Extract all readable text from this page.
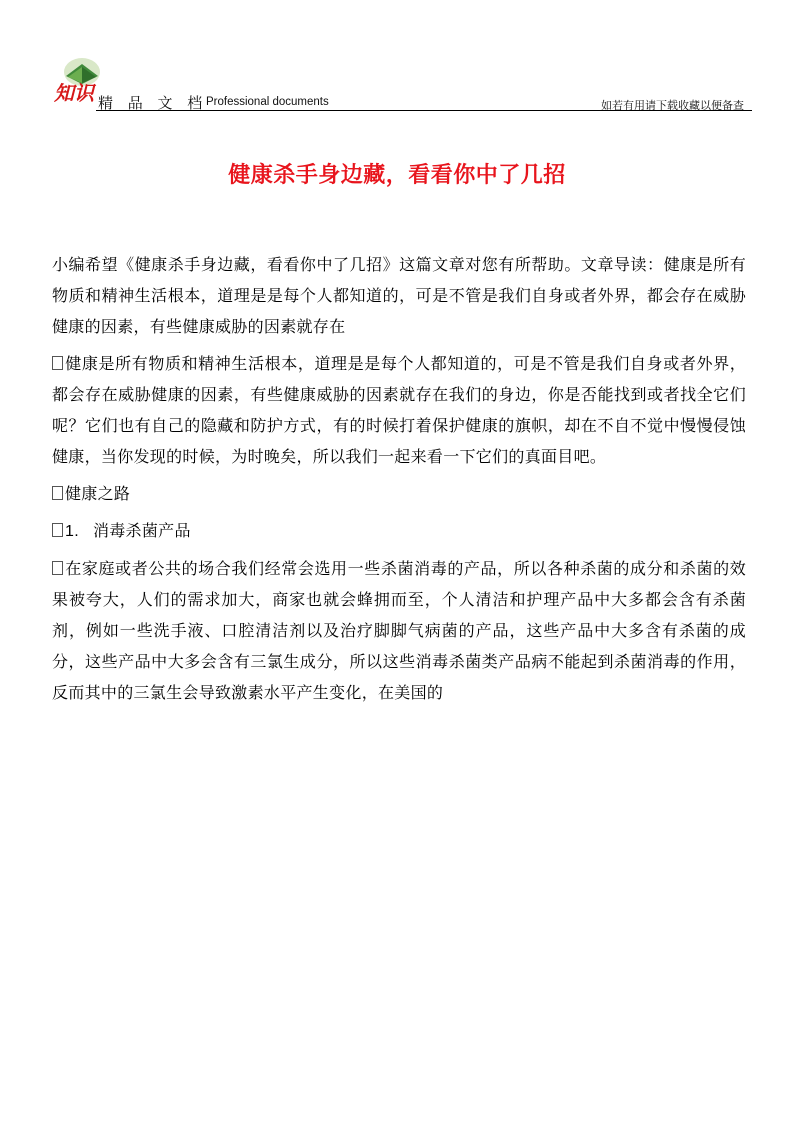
知识 精 品 文 档
Professional documents	如若有用请下载收藏以便备查
健康杀手身边藏，看看你中了几招

小编希望《健康杀手身边藏，看看你中了几招》这篇文章对您有所帮助。文章导读：健康是所有物质和精神生活根本，道理是是每个人都知道的，可是不管是我们自身或者外界，都会存在威胁健康的因素，有些健康威胁的因素就存在

健康是所有物质和精神生活根本，道理是是每个人都知道的，可是不管是我们自身或者外界，都会存在威胁健康的因素，有些健康威胁的因素就存在我们的身边，你是否能找到或者找全它们呢？它们也有自己的隐藏和防护方式，有的时候打着保护健康的旗帜，却在不自不觉中慢慢侵蚀健康，当你发现的时候，为时晚矣，所以我们一起来看一下它们的真面目吧。

健康之路

1. 消毒杀菌产品

在家庭或者公共的场合我们经常会选用一些杀菌消毒的产品，所以各种杀菌的成分和杀菌的效果被夸大，人们的需求加大，商家也就会蜂拥而至，个人清洁和护理产品中大多都会含有杀菌剂，例如一些洗手液、口腔清洁剂以及治疗脚脚气病菌的产品，这些产品中大多含有杀菌的成分，这些产品中大多会含有三氯生成分，所以这些消毒杀菌类产品病不能起到杀菌消毒的作用，反而其中的三氯生会导致激素水平产生变化，在美国的
